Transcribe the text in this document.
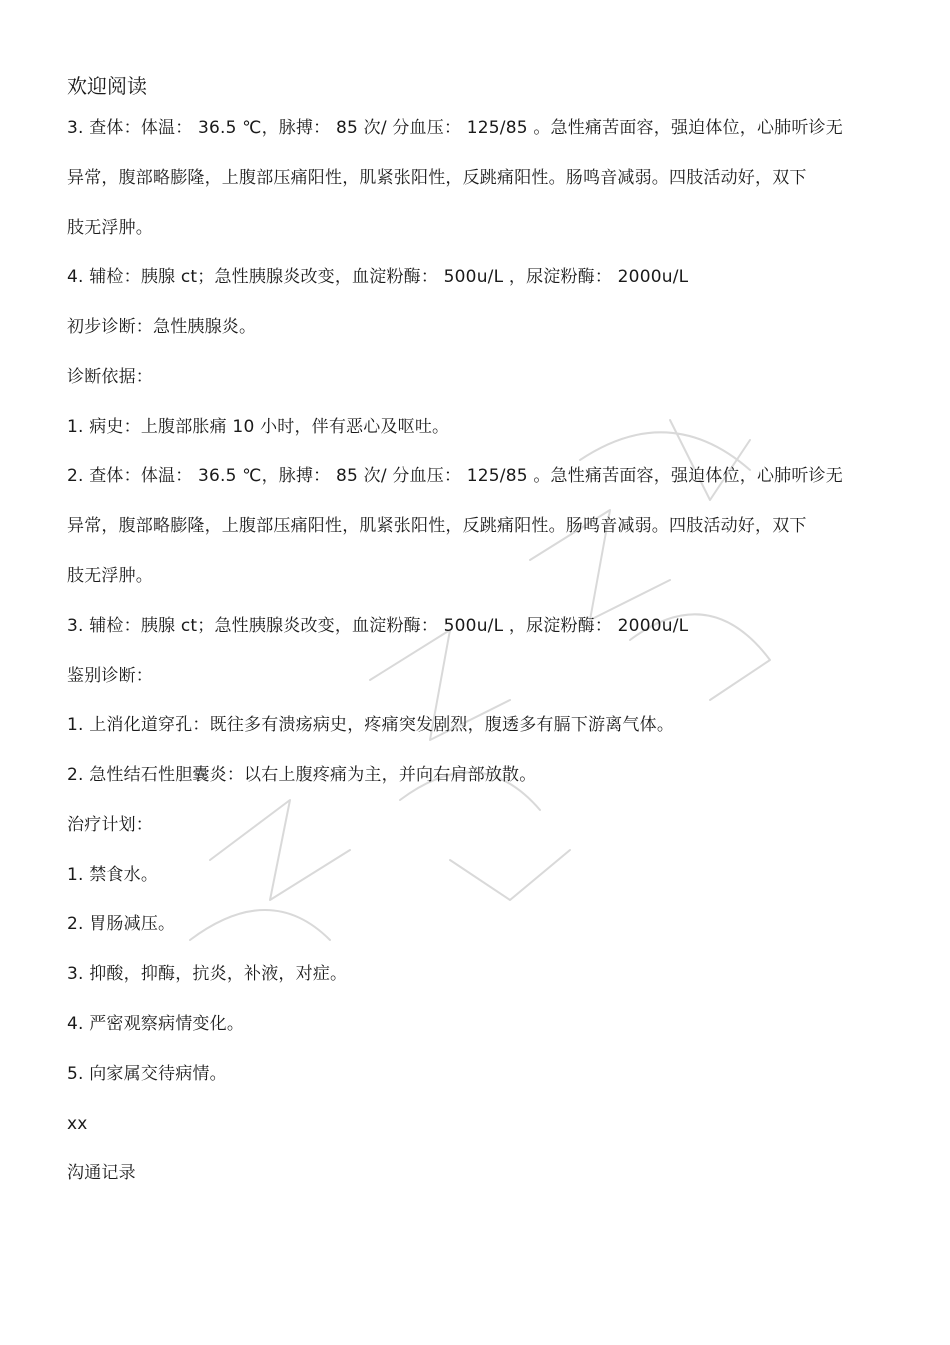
欢迎阅读
3. 查体：体温： 36.5 ℃，脉搏： 85 次/ 分血压： 125/85 。急性痛苦面容，强迫体位，心肺听诊无
异常，腹部略膨隆，上腹部压痛阳性，肌紧张阳性，反跳痛阳性。肠鸣音减弱。四肢活动好，双下
肢无浮肿。
4. 辅检：胰腺 ct；急性胰腺炎改变，血淀粉酶： 500u/L ，尿淀粉酶： 2000u/L
初步诊断：急性胰腺炎。
诊断依据：
1. 病史：上腹部胀痛 10 小时，伴有恶心及呕吐。
2. 查体：体温： 36.5 ℃，脉搏： 85 次/ 分血压： 125/85 。急性痛苦面容，强迫体位，心肺听诊无
异常，腹部略膨隆，上腹部压痛阳性，肌紧张阳性，反跳痛阳性。肠鸣音减弱。四肢活动好，双下
肢无浮肿。
3. 辅检：胰腺 ct；急性胰腺炎改变，血淀粉酶： 500u/L ，尿淀粉酶： 2000u/L
鉴别诊断：
1. 上消化道穿孔：既往多有溃疡病史，疼痛突发剧烈，腹透多有膈下游离气体。
2. 急性结石性胆囊炎：以右上腹疼痛为主，并向右肩部放散。
治疗计划：
1. 禁食水。
2. 胃肠减压。
3. 抑酸，抑酶，抗炎，补液，对症。
4. 严密观察病情变化。
5. 向家属交待病情。
xx
沟通记录
